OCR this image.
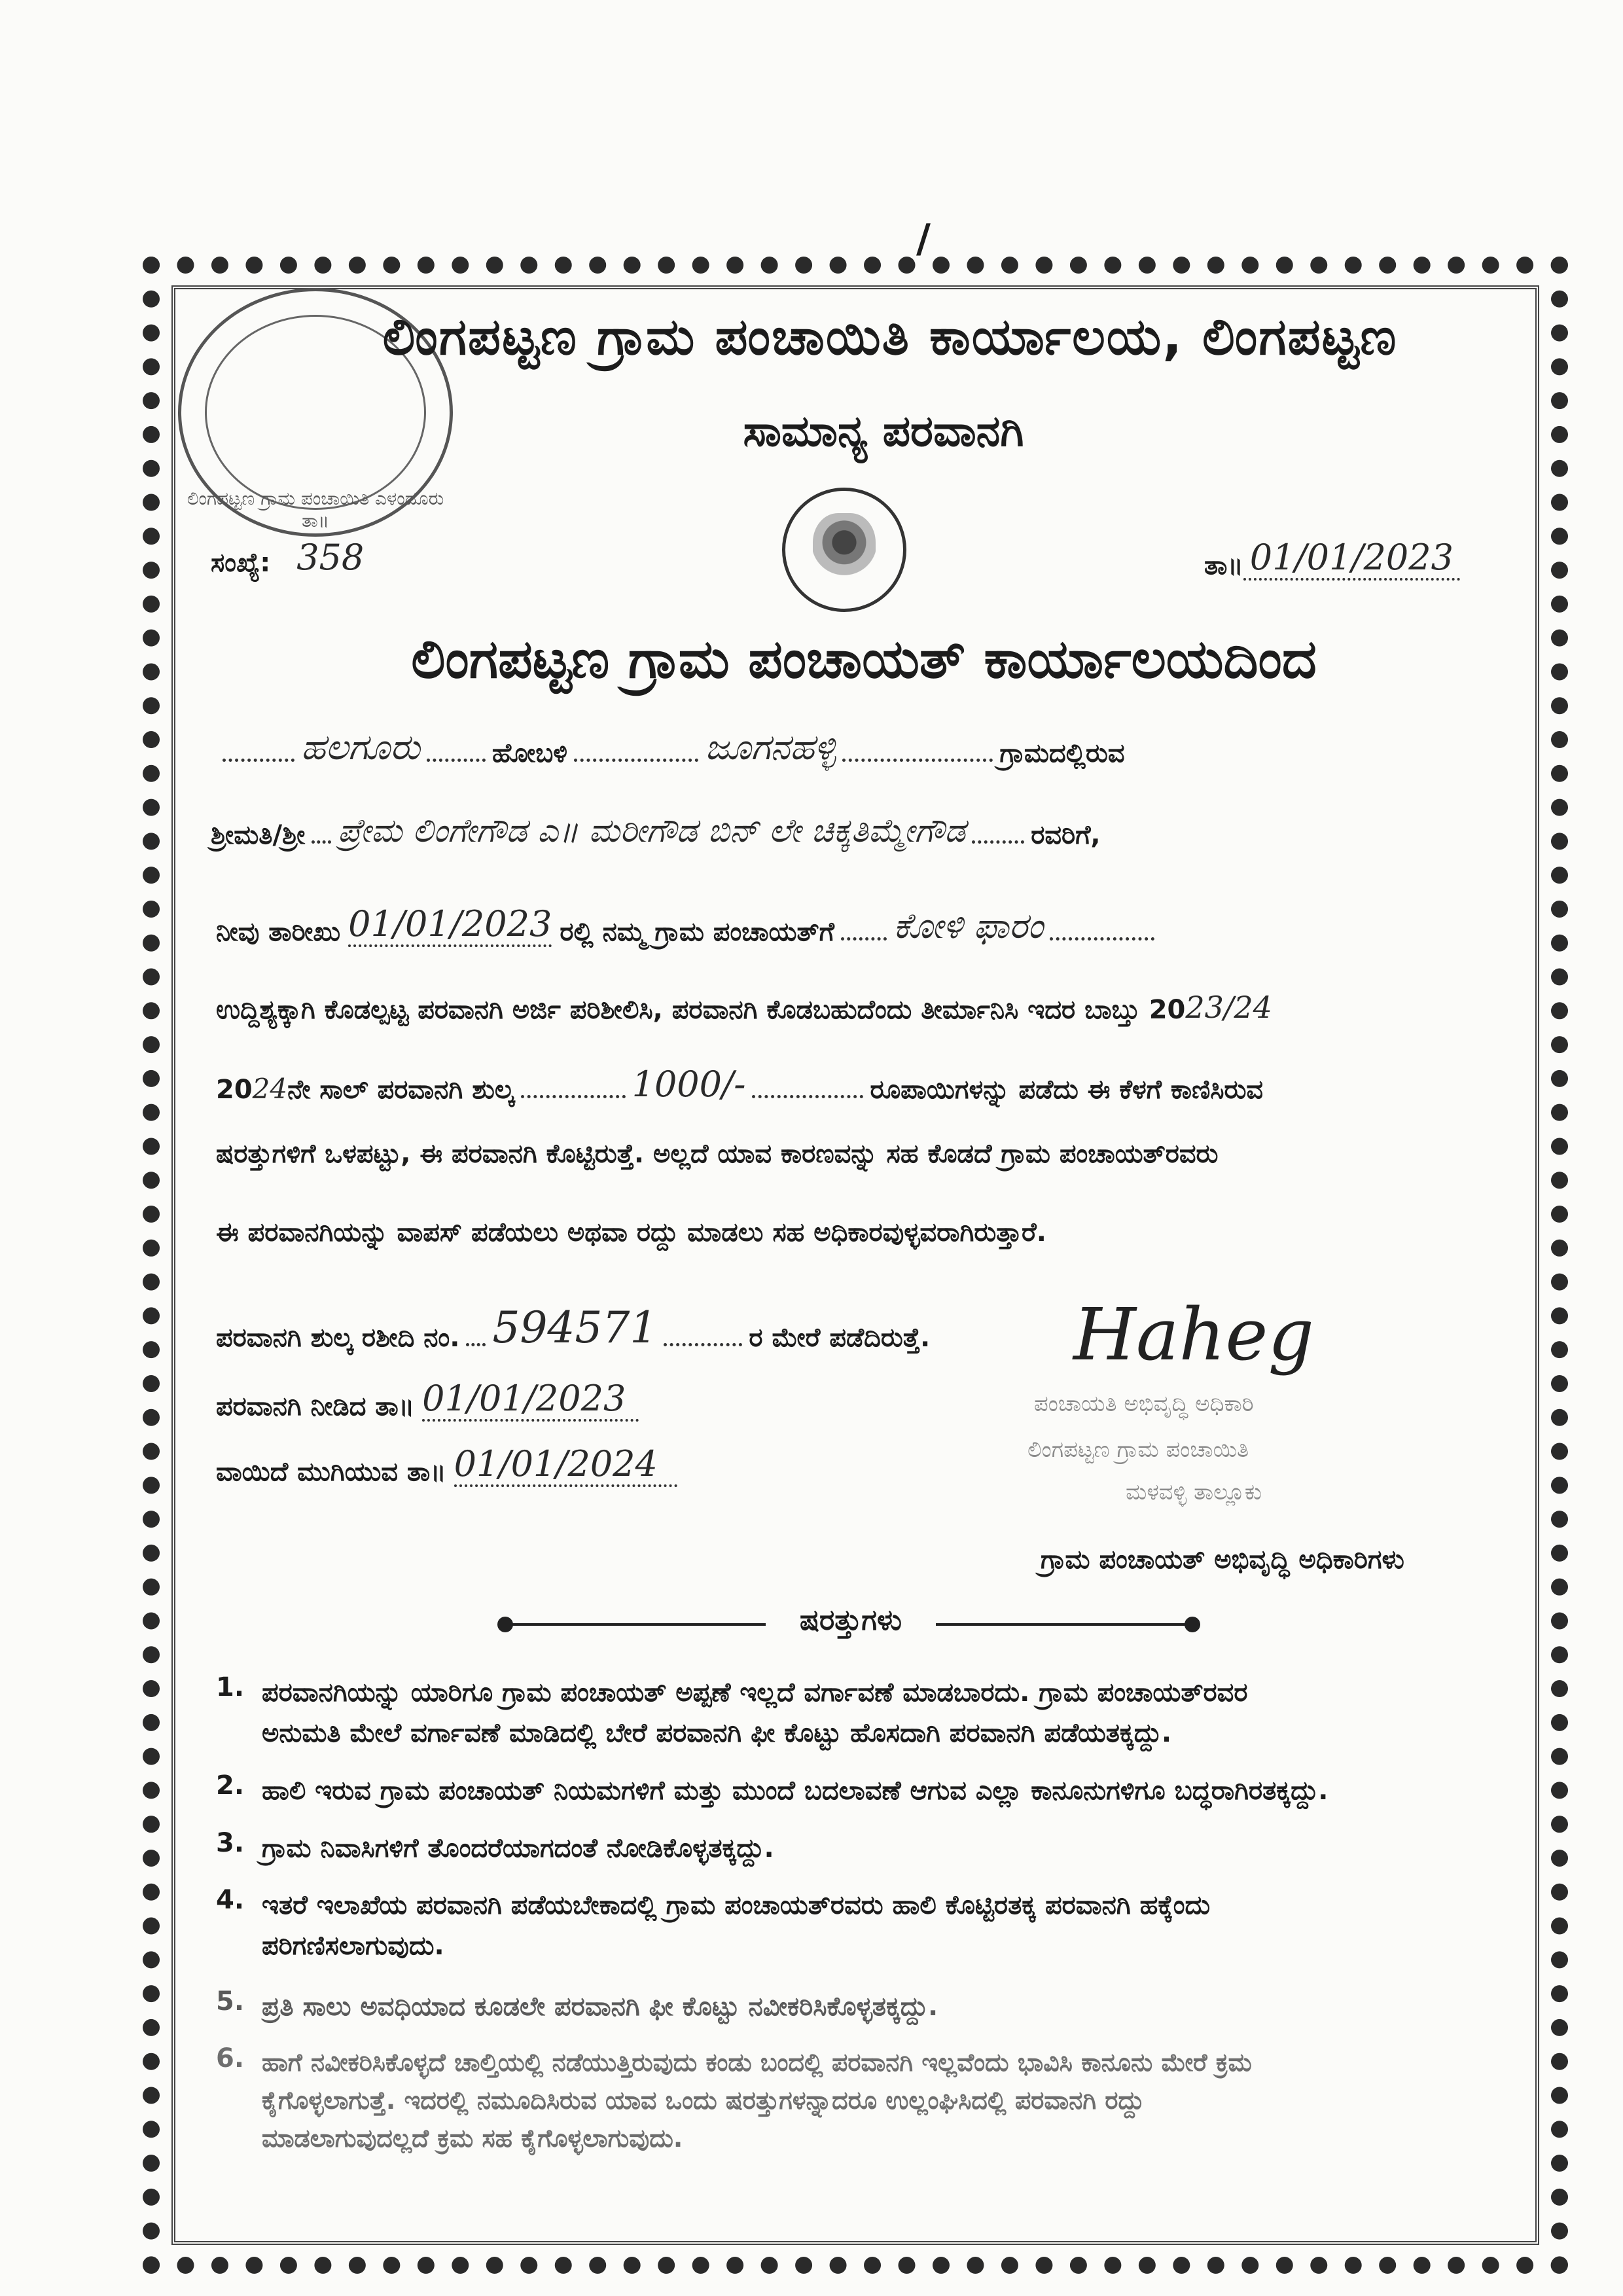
/
ಲಿಂಗಪಟ್ಟಣ ಗ್ರಾಮ ಪಂಚಾಯಿತಿ ಎಳಂದೂರು ತಾ॥
ಲಿಂಗಪಟ್ಟಣ ಗ್ರಾಮ ಪಂಚಾಯಿತಿ ಕಾರ್ಯಾಲಯ, ಲಿಂಗಪಟ್ಟಣ
ಸಾಮಾನ್ಯ ಪರವಾನಗಿ
ಸಂಖ್ಯೆ: 358	ತಾ॥ 01/01/2023
ಲಿಂಗಪಟ್ಟಣ ಗ್ರಾಮ ಪಂಚಾಯತ್ ಕಾರ್ಯಾಲಯದಿಂದ
ಹಲಗೂರು	ಹೋಬಳಿ	ಜೂಗನಹಳ್ಳಿ	ಗ್ರಾಮದಲ್ಲಿರುವ
ಶ್ರೀಮತಿ/ಶ್ರೀ ಪ್ರೇಮ ಲಿಂಗೇಗೌಡ ಎ॥ ಮರೀಗೌಡ ಬಿನ್ ಲೇ ಚಿಕ್ಕತಿಮ್ಮೇಗೌಡ	ರವರಿಗೆ,
ನೀವು ತಾರೀಖು 01/01/2023 ರಲ್ಲಿ ನಮ್ಮ ಗ್ರಾಮ ಪಂಚಾಯತ್‌ಗೆ ಕೋಳಿ ಫಾರಂ
ಉದ್ದಿಶ್ಯಕ್ಕಾಗಿ ಕೊಡಲ್ಪಟ್ಟ ಪರವಾನಗಿ ಅರ್ಜಿ ಪರಿಶೀಲಿಸಿ, ಪರವಾನಗಿ ಕೊಡಬಹುದೆಂದು ತೀರ್ಮಾನಿಸಿ ಇದರ ಬಾಬ್ತು 20 23/24
20 24 ನೇ ಸಾಲ್ ಪರವಾನಗಿ ಶುಲ್ಕ	1000/-	ರೂಪಾಯಿಗಳನ್ನು ಪಡೆದು ಈ ಕೆಳಗೆ ಕಾಣಿಸಿರುವ
ಷರತ್ತುಗಳಿಗೆ ಒಳಪಟ್ಟು, ಈ ಪರವಾನಗಿ ಕೊಟ್ಟಿರುತ್ತೆ. ಅಲ್ಲದೆ ಯಾವ ಕಾರಣವನ್ನು ಸಹ ಕೊಡದೆ ಗ್ರಾಮ ಪಂಚಾಯತ್‌ರವರು
ಈ ಪರವಾನಗಿಯನ್ನು ವಾಪಸ್ ಪಡೆಯಲು ಅಥವಾ ರದ್ದು ಮಾಡಲು ಸಹ ಅಧಿಕಾರವುಳ್ಳವರಾಗಿರುತ್ತಾರೆ.
ಪರವಾನಗಿ ಶುಲ್ಕ ರಶೀದಿ ನಂ. 594571	ರ ಮೇರೆ ಪಡೆದಿರುತ್ತೆ.
ಪರವಾನಗಿ ನೀಡಿದ ತಾ॥ 01/01/2023
ವಾಯಿದೆ ಮುಗಿಯುವ ತಾ॥ 01/01/2024
Haheg
ಪಂಚಾಯತಿ ಅಭಿವೃದ್ಧಿ ಅಧಿಕಾರಿ
ಲಿಂಗಪಟ್ಟಣ ಗ್ರಾಮ ಪಂಚಾಯಿತಿ
ಮಳವಳ್ಳಿ ತಾಲ್ಲೂಕು
ಗ್ರಾಮ ಪಂಚಾಯತ್ ಅಭಿವೃದ್ಧಿ ಅಧಿಕಾರಿಗಳು
ಷರತ್ತುಗಳು
1. ಪರವಾನಗಿಯನ್ನು ಯಾರಿಗೂ ಗ್ರಾಮ ಪಂಚಾಯತ್ ಅಪ್ಪಣೆ ಇಲ್ಲದೆ ವರ್ಗಾವಣೆ ಮಾಡಬಾರದು. ಗ್ರಾಮ ಪಂಚಾಯತ್‌ರವರ
ಅನುಮತಿ ಮೇಲೆ ವರ್ಗಾವಣೆ ಮಾಡಿದಲ್ಲಿ ಬೇರೆ ಪರವಾನಗಿ ಫೀ ಕೊಟ್ಟು ಹೊಸದಾಗಿ ಪರವಾನಗಿ ಪಡೆಯತಕ್ಕದ್ದು.
2. ಹಾಲಿ ಇರುವ ಗ್ರಾಮ ಪಂಚಾಯತ್ ನಿಯಮಗಳಿಗೆ ಮತ್ತು ಮುಂದೆ ಬದಲಾವಣೆ ಆಗುವ ಎಲ್ಲಾ ಕಾನೂನುಗಳಿಗೂ ಬದ್ಧರಾಗಿರತಕ್ಕದ್ದು.
3. ಗ್ರಾಮ ನಿವಾಸಿಗಳಿಗೆ ತೊಂದರೆಯಾಗದಂತೆ ನೋಡಿಕೊಳ್ಳತಕ್ಕದ್ದು.
4. ಇತರೆ ಇಲಾಖೆಯ ಪರವಾನಗಿ ಪಡೆಯಬೇಕಾದಲ್ಲಿ ಗ್ರಾಮ ಪಂಚಾಯತ್‌ರವರು ಹಾಲಿ ಕೊಟ್ಟಿರತಕ್ಕ ಪರವಾನಗಿ ಹಕ್ಕೆಂದು
ಪರಿಗಣಿಸಲಾಗುವುದು.
5. ಪ್ರತಿ ಸಾಲು ಅವಧಿಯಾದ ಕೂಡಲೇ ಪರವಾನಗಿ ಫೀ ಕೊಟ್ಟು ನವೀಕರಿಸಿಕೊಳ್ಳತಕ್ಕದ್ದು.
6. ಹಾಗೆ ನವೀಕರಿಸಿಕೊಳ್ಳದೆ ಚಾಲ್ತಿಯಲ್ಲಿ ನಡೆಯುತ್ತಿರುವುದು ಕಂಡು ಬಂದಲ್ಲಿ ಪರವಾನಗಿ ಇಲ್ಲವೆಂದು ಭಾವಿಸಿ ಕಾನೂನು ಮೇರೆ ಕ್ರಮ
ಕೈಗೊಳ್ಳಲಾಗುತ್ತೆ. ಇದರಲ್ಲಿ ನಮೂದಿಸಿರುವ ಯಾವ ಒಂದು ಷರತ್ತುಗಳನ್ನಾದರೂ ಉಲ್ಲಂಘಿಸಿದಲ್ಲಿ ಪರವಾನಗಿ ರದ್ದು
ಮಾಡಲಾಗುವುದಲ್ಲದೆ ಕ್ರಮ ಸಹ ಕೈಗೊಳ್ಳಲಾಗುವುದು.
